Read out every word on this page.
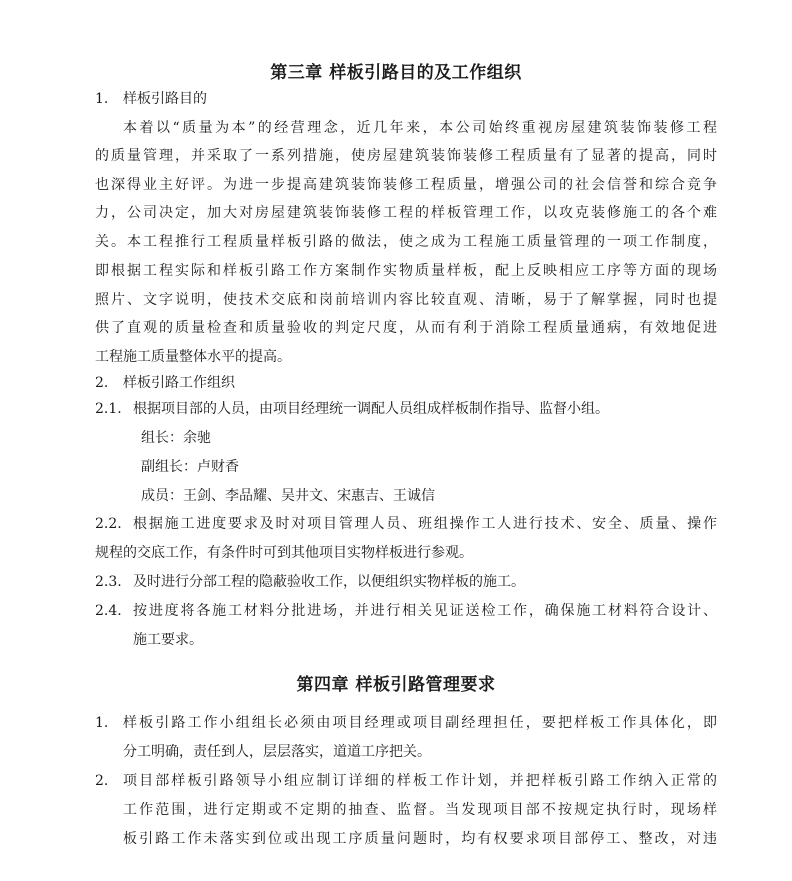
第三章 样板引路目的及工作组织
1. 样板引路目的
本着以“质量为本”的经营理念，近几年来，本公司始终重视房屋建筑装饰装修工程
的质量管理，并采取了一系列措施，使房屋建筑装饰装修工程质量有了显著的提高，同时
也深得业主好评。为进一步提高建筑装饰装修工程质量，增强公司的社会信誉和综合竞争
力，公司决定，加大对房屋建筑装饰装修工程的样板管理工作，以攻克装修施工的各个难
关。本工程推行工程质量样板引路的做法，使之成为工程施工质量管理的一项工作制度，
即根据工程实际和样板引路工作方案制作实物质量样板，配上反映相应工序等方面的现场
照片、文字说明，使技术交底和岗前培训内容比较直观、清晰，易于了解掌握，同时也提
供了直观的质量检查和质量验收的判定尺度，从而有利于消除工程质量通病，有效地促进
工程施工质量整体水平的提高。
2. 样板引路工作组织
2.1. 根据项目部的人员，由项目经理统一调配人员组成样板制作指导、监督小组。
组长：余驰
副组长：卢财香
成员：王剑、李品耀、吴井文、宋惠吉、王诚信
2.2. 根据施工进度要求及时对项目管理人员、班组操作工人进行技术、安全、质量、操作
规程的交底工作，有条件时可到其他项目实物样板进行参观。
2.3. 及时进行分部工程的隐蔽验收工作，以便组织实物样板的施工。
2.4. 按进度将各施工材料分批进场，并进行相关见证送检工作，确保施工材料符合设计、
施工要求。
第四章 样板引路管理要求
1. 样板引路工作小组组长必须由项目经理或项目副经理担任，要把样板工作具体化，即
分工明确，责任到人，层层落实，道道工序把关。
2. 项目部样板引路领导小组应制订详细的样板工作计划，并把样板引路工作纳入正常的
工作范围，进行定期或不定期的抽查、监督。当发现项目部不按规定执行时，现场样
板引路工作未落实到位或出现工序质量问题时，均有权要求项目部停工、整改，对违
